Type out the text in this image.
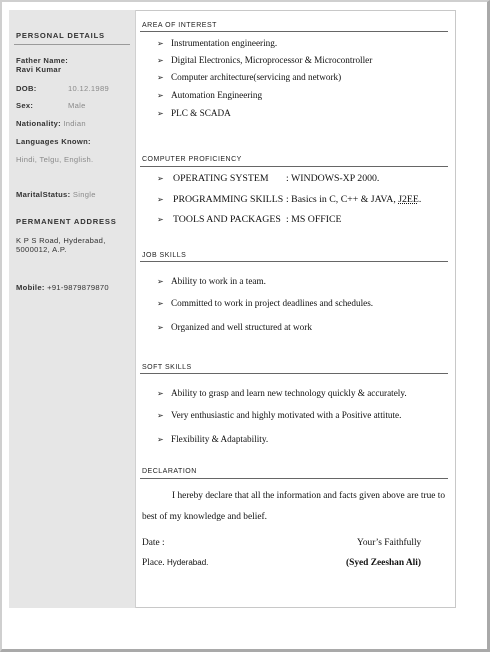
PERSONAL DETAILS
Father Name:
Ravi Kumar
DOB:	10.12.1989
Sex:	Male
Nationality: Indian
Languages Known:
Hindi, Telgu, English.
MaritalStatus: Single
PERMANENT ADDRESS
K P S Road, Hyderabad,
5000012, A.P.
Mobile: +91-9879879870
AREA OF INTEREST
➢ Instrumentation engineering.
➢ Digital Electronics, Microprocessor & Microcontroller
➢ Computer architecture(servicing and network)
➢ Automation Engineering
➢ PLC & SCADA
COMPUTER PROFICIENCY
➢ OPERATING SYSTEM : WINDOWS-XP 2000.
➢ PROGRAMMING SKILLS : Basics in C, C++ & JAVA, J2EE.
➢ TOOLS AND PACKAGES : MS OFFICE
JOB SKILLS
➢ Ability to work in a team.
➢ Committed to work in project deadlines and schedules.
➢ Organized and well structured at work
SOFT SKILLS
➢ Ability to grasp and learn new technology quickly & accurately.
➢ Very enthusiastic and highly motivated with a Positive attitute.
➢ Flexibility & Adaptability.
DECLARATION

I hereby declare that all the information and facts given above are true to best of my knowledge and belief.

Date :	Your’s Faithfully
Place. Hyderabad.	(Syed Zeeshan Ali)
